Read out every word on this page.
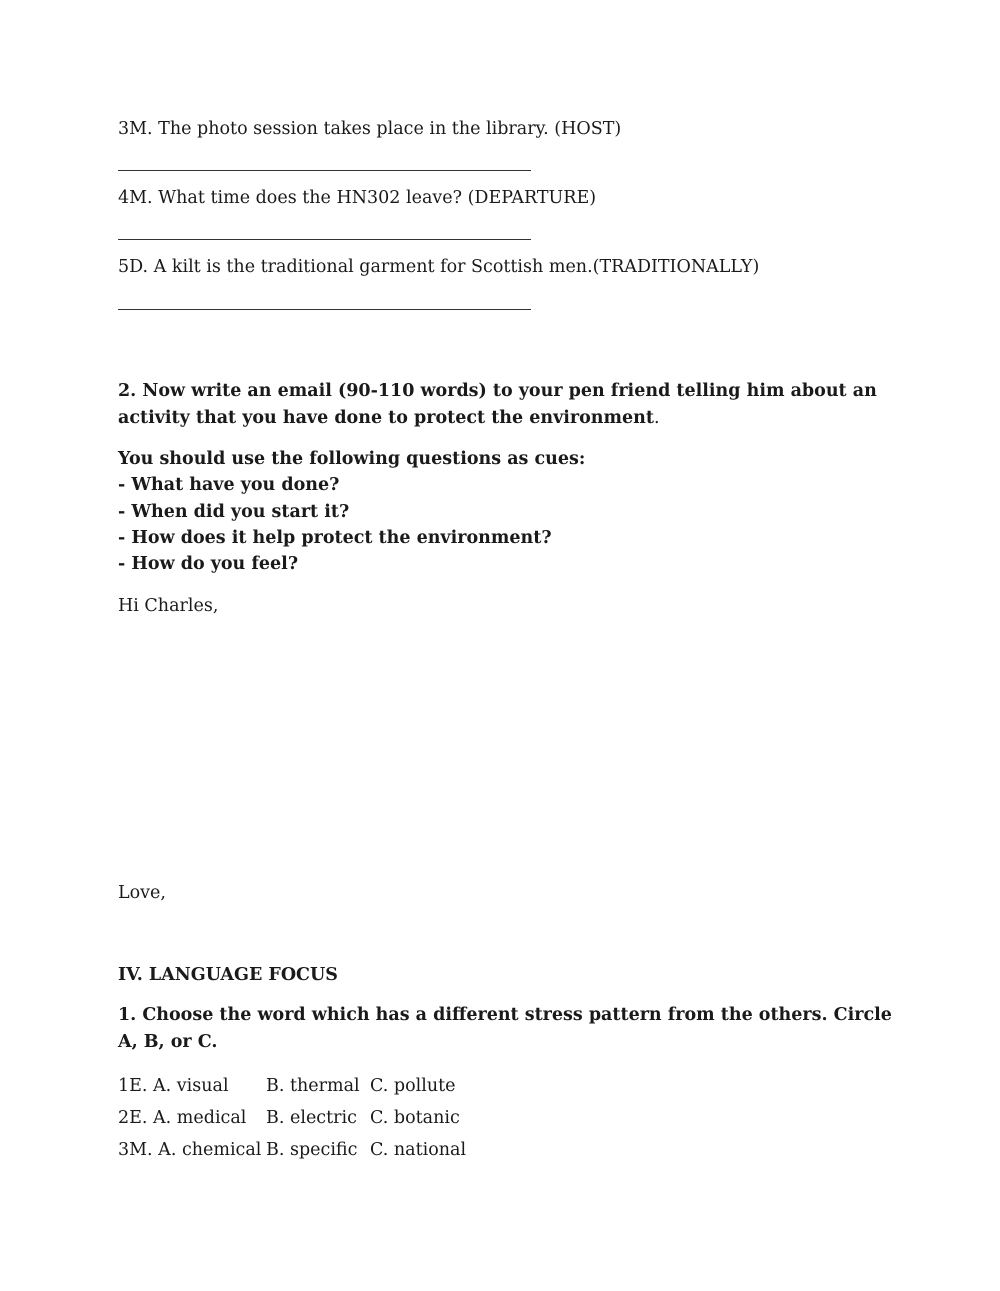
3M. The photo session takes place in the library. (HOST)
4M. What time does the HN302 leave? (DEPARTURE)
5D. A kilt is the traditional garment for Scottish men.(TRADITIONALLY)
2. Now write an email (90-110 words) to your pen friend telling him about an activity that you have done to protect the environment.
You should use the following questions as cues:
- What have you done?
- When did you start it?
- How does it help protect the environment?
- How do you feel?
Hi Charles,
Love,
IV. LANGUAGE FOCUS
1. Choose the word which has a different stress pattern from the others. Circle A, B, or C.
1E. A. visual B. thermal C. pollute
2E. A. medical B. electric C. botanic
3M. A. chemical B. specific C. national
